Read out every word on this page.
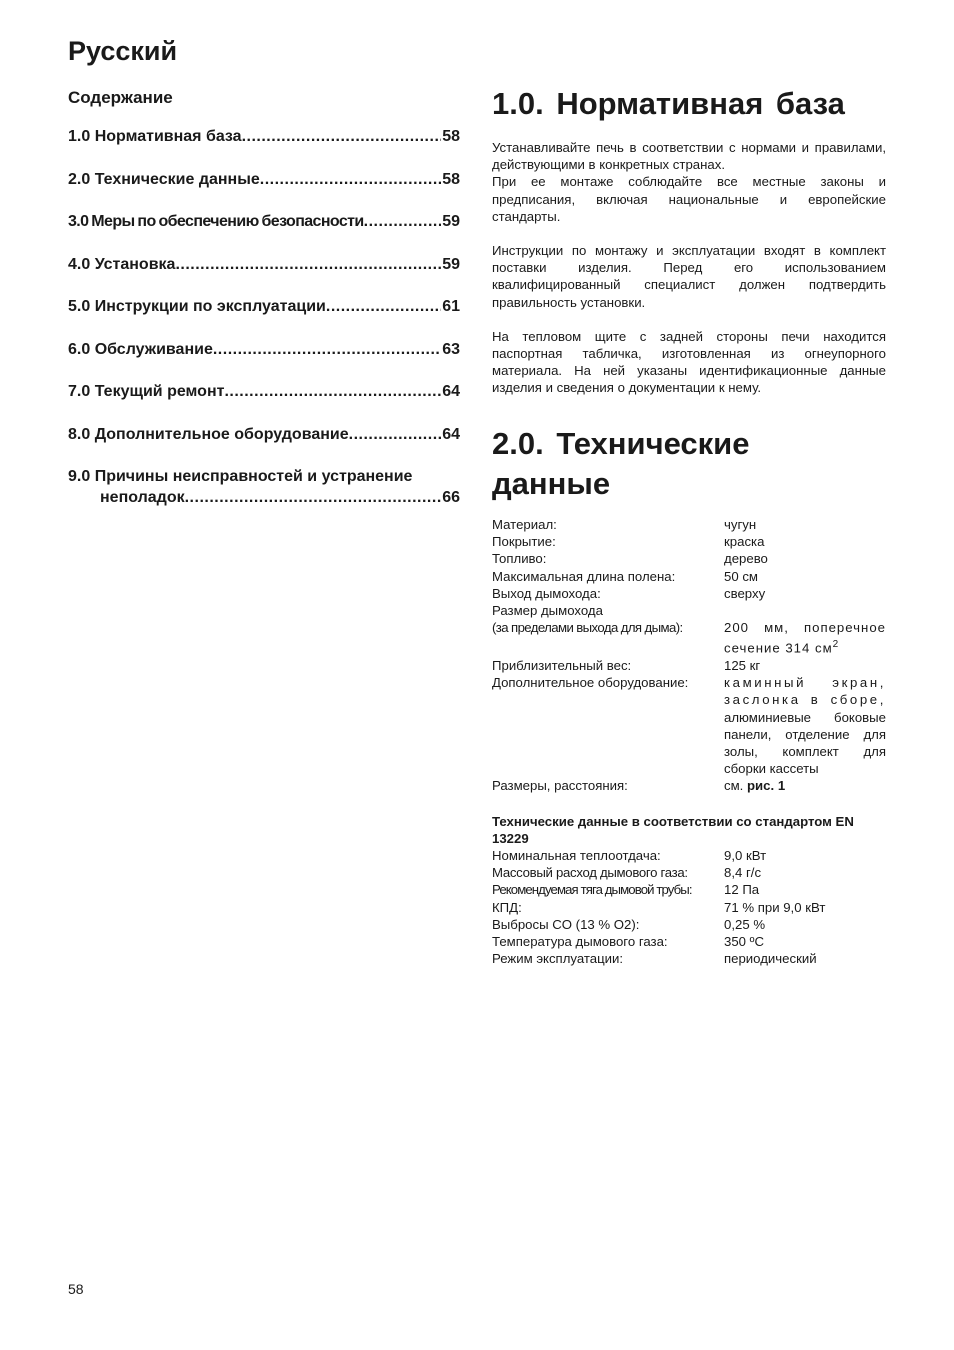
Русский
Содержание
1.0 Нормативная база .....	58
2.0 Технические данные .....	58
3.0 Меры по обеспечению безопасности .....	59
4.0 Установка .....	59
5.0 Инструкции по эксплуатации .....	61
6.0 Обслуживание .....	63
7.0 Текущий ремонт .....	64
8.0 Дополнительное оборудование .....	64
9.0 Причины неисправностей и устранение
неполадок .....	66
1.0. Нормативная база

Устанавливайте печь в соответствии с нормами и правилами, действующими в конкретных странах.

При ее монтаже соблюдайте все местные законы и предписания, включая национальные и европейские стандарты.

Инструкции по монтажу и эксплуатации входят в комплект поставки изделия. Перед его использованием квалифицированный специалист должен подтвердить правильность установки.

На тепловом щите с задней стороны печи находится паспортная табличка, изготовленная из огнеупорного материала. На ней указаны идентификационные данные изделия и сведения о документации к нему.

2.0. Технические
данные
Материал:	чугун
Покрытие:	краска
Топливо:	дерево
Максимальная длина полена:	50 см
Выход дымохода:	сверху
Размер дымохода
(за пределами выхода для дыма):	200 мм, поперечное сечение 314 $см^2$
Приблизительный вес:	125 кг
Дополнительное оборудование:	каминный экран, заслонка в сборе, алюминиевые боковые панели, отделение для золы, комплект для сборки кассеты
Размеры, расстояния:	см. рис. 1
Технические данные в соответствии со стандартом EN 13229
Номинальная теплоотдача:	9,0 кВт
Массовый расход дымового газа:	8,4 г/с
Рекомендуемая тяга дымовой трубы:	12 Па
КПД:	71 % при 9,0 кВт
Выбросы CO (13 % O2):	0,25 %
Температура дымового газа:	350 ºC
Режим эксплуатации:	периодический
58
